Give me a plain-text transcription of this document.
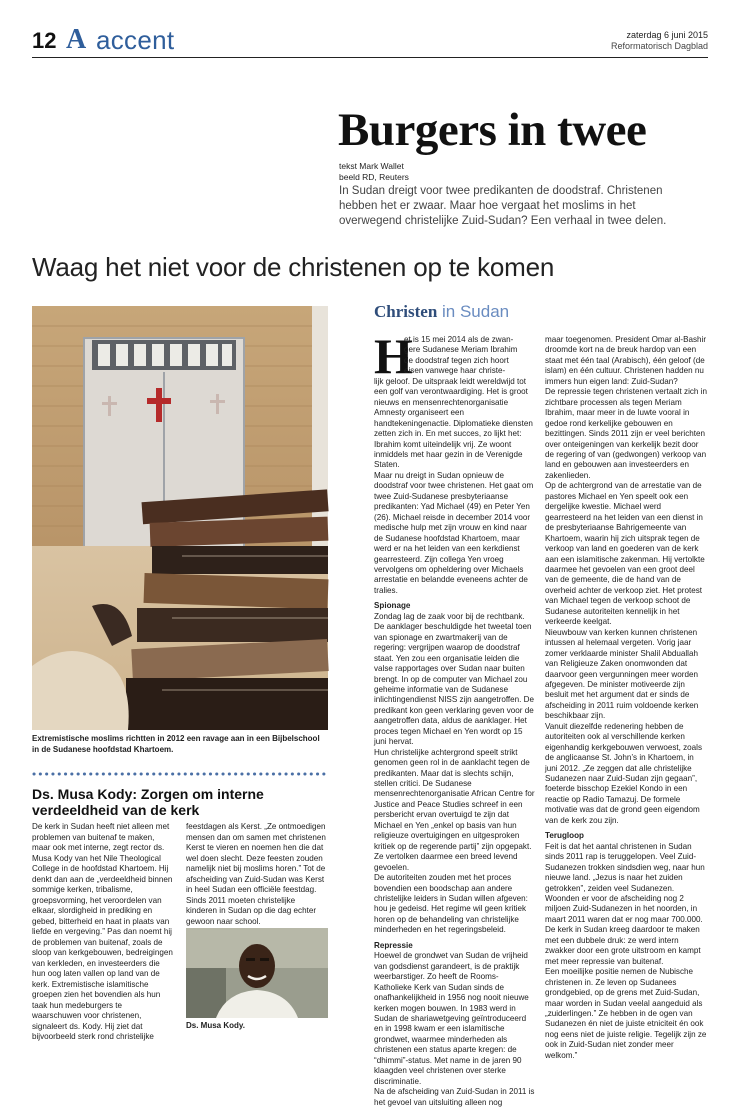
12 A accent	zaterdag 6 juni 2015
Reformatorisch Dagblad
Burgers in twee
tekst Mark Wallet
beeld RD, Reuters

In Sudan dreigt voor twee predikanten de doodstraf. Christenen hebben het er zwaar. Maar hoe vergaat het moslims in het overwegend christelijke Zuid-Sudan? Een verhaal in twee delen.

Waag het niet voor de christenen op te komen

Extremistische moslims richtten in 2012 een ravage aan in een Bijbelschool in de Sudanese hoofdstad Khartoem.

Ds. Musa Kody: Zorgen om interne verdeeldheid van de kerk

De kerk in Sudan heeft niet alleen met problemen van buitenaf te maken, maar ook met interne, zegt rector ds. Musa Kody van het Nile Theological College in de hoofdstad Khartoem. Hij denkt dan aan de „verdeeldheid binnen sommige kerken, tribalisme, groepsvorming, het veroordelen van elkaar, slordigheid in prediking en gebed, bitterheid en haat in plaats van liefde en vergeving.” Pas dan noemt hij de problemen van buitenaf, zoals de sloop van kerkgebouwen, bedreigingen van kerkleden, en investeerders die hun oog laten vallen op land van de kerk. Extremistische islamitische groepen zien het bovendien als hun taak hun medeburgers te waarschuwen voor christenen, signaleert ds. Kody. Hij ziet dat bijvoorbeeld sterk rond christelijke

feestdagen als Kerst. „Ze ontmoedigen mensen dan om samen met christenen Kerst te vieren en noemen hen die dat wel doen slecht. Deze feesten zouden namelijk niet bij moslims horen.” Tot de afscheiding van Zuid-Sudan was Kerst in heel Sudan een officiële feestdag. Sinds 2011 moeten christelijke kinderen in Sudan op die dag echter gewoon naar school.

Ds. Musa Kody.

Christen in Sudan
H
et is 15 mei 2014 als de zwan-
gere Sudanese Meriam Ibrahim
de doodstraf tegen zich hoort
eisen vanwege haar christe-

lijk geloof. De uitspraak leidt wereldwijd tot een golf van verontwaardiging. Het is groot nieuws en mensenrechtenorganisatie Amnesty organiseert een handtekeningenactie. Diplomatieke diensten zetten zich in. En met succes, zo lijkt het: Ibrahim komt uiteindelijk vrij. Ze woont inmiddels met haar gezin in de Verenigde Staten.

Maar nu dreigt in Sudan opnieuw de doodstraf voor twee christenen. Het gaat om twee Zuid-Sudanese presbyteriaanse predikanten: Yad Michael (49) en Peter Yen (26). Michael reisde in december 2014 voor medische hulp met zijn vrouw en kind naar de Sudanese hoofdstad Khartoem, maar werd er na het leiden van een kerkdienst gearresteerd. Zijn collega Yen vroeg vervolgens om opheldering over Michaels arrestatie en belandde eveneens achter de tralies.

Spionage

Zondag lag de zaak voor bij de rechtbank. De aanklager beschuldigde het tweetal toen van spionage en zwartmakerij van de regering: vergrijpen waarop de doodstraf staat. Yen zou een organisatie leiden die valse rapportages over Sudan naar buiten brengt. In op de computer van Michael zou geheime informatie van de Sudanese inlichtingendienst NISS zijn aangetroffen. De predikant kon geen verklaring geven voor de aangetroffen data, aldus de aanklager. Het proces tegen Michael en Yen wordt op 15 juni hervat.

Hun christelijke achtergrond speelt strikt genomen geen rol in de aanklacht tegen de predikanten. Maar dat is slechts schijn, stellen critici. De Sudanese mensenrechtenorganisatie African Centre for Justice and Peace Studies schreef in een persbericht ervan overtuigd te zijn dat Michael en Yen „enkel op basis van hun religieuze overtuigingen en uitgesproken kritiek op de regerende partij” zijn opgepakt. Ze vertolken daarmee een breed levend gevoelen.

De autoriteiten zouden met het proces bovendien een boodschap aan andere christelijke leiders in Sudan willen afgeven: hou je gedeisd. Het regime wil geen kritiek horen op de behandeling van christelijke minderheden en het regeringsbeleid.

Repressie

Hoewel de grondwet van Sudan de vrijheid van godsdienst garandeert, is de praktijk weerbarstiger. Zo heeft de Rooms-Katholieke Kerk van Sudan sinds de onafhankelijkheid in 1956 nog nooit nieuwe kerken mogen bouwen. In 1983 werd in Sudan de shariawetgeving geïntroduceerd en in 1998 kwam er een islamitische grondwet, waarmee minderheden als christenen een status aparte kregen: de “dhimmi”-status. Met name in de jaren 90 klaagden veel christenen over sterke discriminatie.

Na de afscheiding van Zuid-Sudan in 2011 is het gevoel van uitsluiting alleen nog

maar toegenomen. President Omar al-Bashir droomde kort na de breuk hardop van een staat met één taal (Arabisch), één geloof (de islam) en één cultuur. Christenen hadden nu immers hun eigen land: Zuid-Sudan?

De repressie tegen christenen vertaalt zich in zichtbare processen als tegen Meriam Ibrahim, maar meer in de luwte vooral in gedoe rond kerkelijke gebouwen en bezittingen. Sinds 2011 zijn er veel berichten over onteigeningen van kerkelijk bezit door de regering of van (gedwongen) verkoop van land en gebouwen aan investeerders en zakenlieden.

Op de achtergrond van de arrestatie van de pastores Michael en Yen speelt ook een dergelijke kwestie. Michael werd gearresteerd na het leiden van een dienst in de presbyteriaanse Bahrigemeente van Khartoem, waarin hij zich uitsprak tegen de verkoop van land en goederen van de kerk aan een islamitische zakenman. Hij vertolkte daarmee het gevoelen van een groot deel van de gemeente, die de hand van de overheid achter de verkoop ziet. Het protest van Michael tegen de verkoop schoot de Sudanese autoriteiten kennelijk in het verkeerde keelgat.

Nieuwbouw van kerken kunnen christenen intussen al helemaal vergeten. Vorig jaar zomer verklaarde minister Shalil Abduallah van Religieuze Zaken onomwonden dat daarvoor geen vergunningen meer worden afgegeven. De minister motiveerde zijn besluit met het argument dat er sinds de afscheiding in 2011 ruim voldoende kerken beschikbaar zijn.

Vanuit diezelfde redenering hebben de autoriteiten ook al verschillende kerken eigenhandig kerkgebouwen verwoest, zoals de anglicaanse St. John’s in Khartoem, in juni 2012. „Ze zeggen dat alle christelijke Sudanezen naar Zuid-Sudan zijn gegaan”, foeterde bisschop Ezekiel Kondo in een reactie op Radio Tamazuj. De formele motivatie was dat de grond geen eigendom van de kerk zou zijn.

Terugloop

Feit is dat het aantal christenen in Sudan sinds 2011 rap is teruggelopen. Veel Zuid-Sudanezen trokken sindsdien weg, naar hun nieuwe land. „Jezus is naar het zuiden getrokken”, zeiden veel Sudanezen. Woonden er voor de afscheiding nog 2 miljoen Zuid-Sudanezen in het noorden, in maart 2011 waren dat er nog maar 700.000. De kerk in Sudan kreeg daardoor te maken met een dubbele druk: ze werd intern zwakker door een grote uitstroom en kampt met meer repressie van buitenaf.

Een moeilijke positie nemen de Nubische christenen in. Ze leven op Sudanees grondgebied, op de grens met Zuid-Sudan, maar worden in Sudan veelal aangeduid als „zuiderlingen.” Ze hebben in de ogen van Sudanezen én niet de juiste etniciteit én ook nog eens niet de juiste religie. Tegelijk zijn ze ook in Zuid-Sudan niet zonder meer welkom.”
